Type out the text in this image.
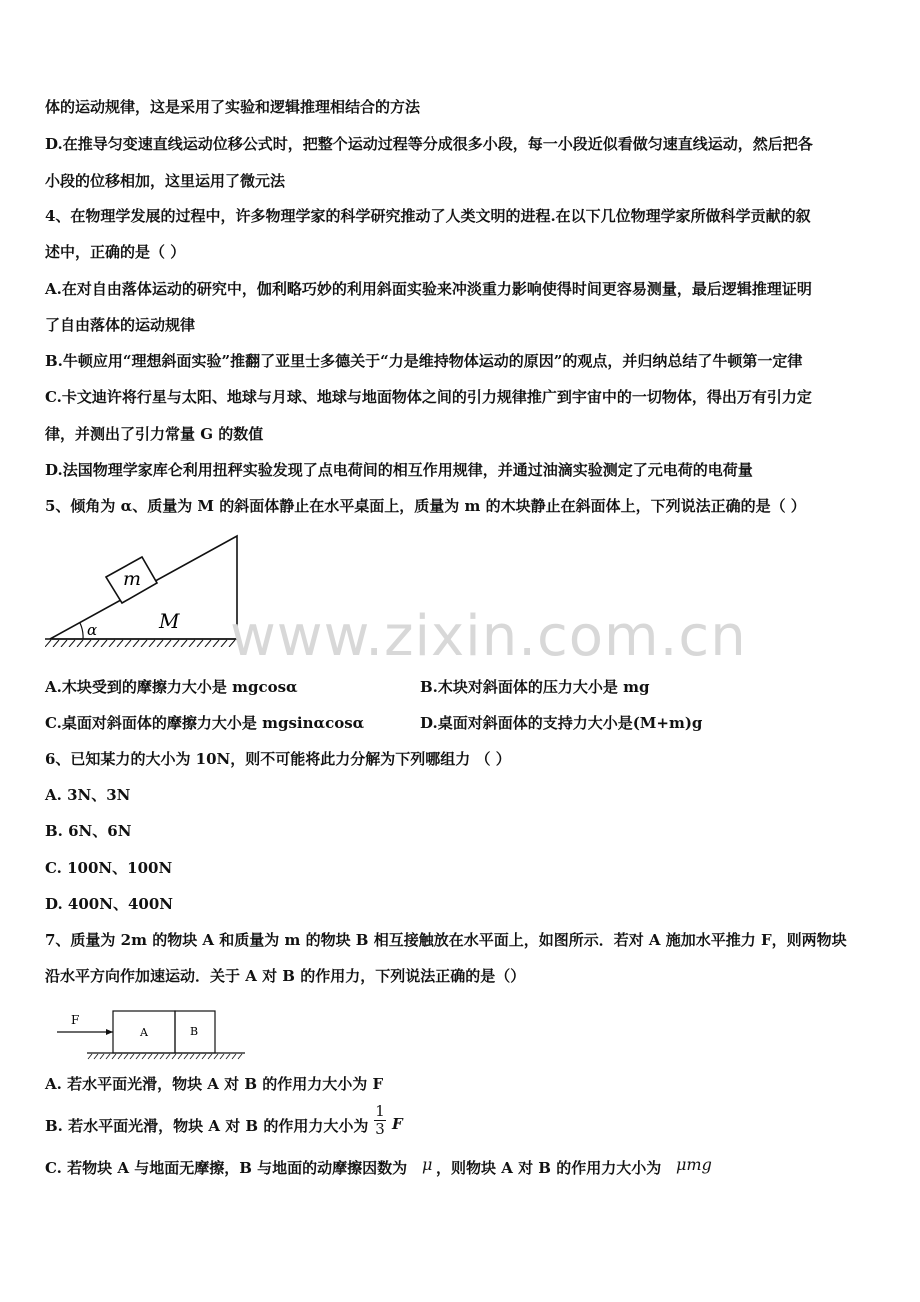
体的运动规律，这是采用了实验和逻辑推理相结合的方法
D.在推导匀变速直线运动位移公式时，把整个运动过程等分成很多小段，每一小段近似看做匀速直线运动，然后把各
小段的位移相加，这里运用了微元法
4、在物理学发展的过程中，许多物理学家的科学研究推动了人类文明的进程.在以下几位物理学家所做科学贡献的叙
述中，正确的是（ ）
A.在对自由落体运动的研究中，伽利略巧妙的利用斜面实验来冲淡重力影响使得时间更容易测量，最后逻辑推理证明
了自由落体的运动规律
B.牛顿应用“理想斜面实验”推翻了亚里士多德关于“力是维持物体运动的原因”的观点，并归纳总结了牛顿第一定律
C.卡文迪许将行星与太阳、地球与月球、地球与地面物体之间的引力规律推广到宇宙中的一切物体，得出万有引力定
律，并测出了引力常量 G 的数值
D.法国物理学家库仑利用扭秤实验发现了点电荷间的相互作用规律，并通过油滴实验测定了元电荷的电荷量
5、倾角为 α、质量为 M 的斜面体静止在水平桌面上，质量为 m 的木块静止在斜面体上，下列说法正确的是（ ）
m
M
α www.zixin.com.cn
A.木块受到的摩擦力大小是 mgcosα	B.木块对斜面体的压力大小是 mg
C.桌面对斜面体的摩擦力大小是 mgsinαcosα	D.桌面对斜面体的支持力大小是(M+m)g
6、已知某力的大小为 10N，则不可能将此力分解为下列哪组力 （ ）
A. 3N、3N
B. 6N、6N
C. 100N、100N
D. 400N、400N
7、质量为 2m 的物块 A 和质量为 m 的物块 B 相互接触放在水平面上，如图所示．若对 A 施加水平推力 F，则两物块
沿水平方向作加速运动．关于 A 对 B 的作用力，下列说法正确的是（）
F
A	B
A. 若水平面光滑，物块 A 对 B 的作用力大小为 F
B. 若水平面光滑，物块 A 对 B 的作用力大小为 $\frac{1}{3}$ F
C. 若物块 A 与地面无摩擦，B 与地面的动摩擦因数为 μ ，则物块 A 对 B 的作用力大小为 μmg
